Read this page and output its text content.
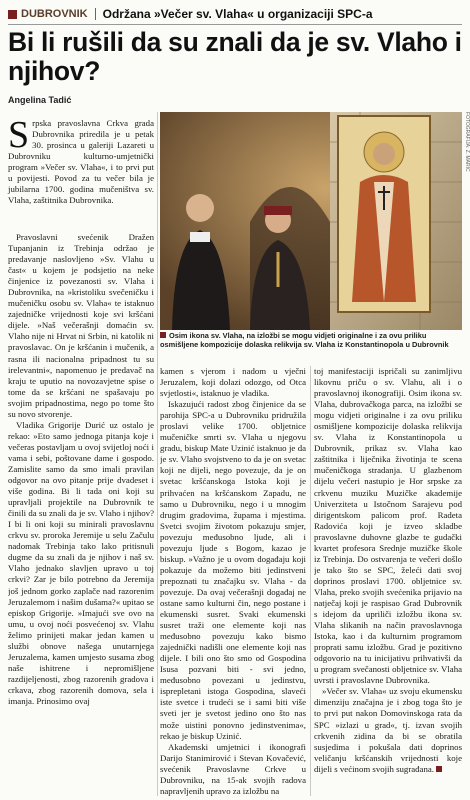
DUBROVNIK Održana »Večer sv. Vlaha« u organizaciji SPC-a
Bi li rušili da su znali da je sv. Vlaho i njihov?
Angelina Tadić
S rpska pravoslavna Crkva grada Dubrovnika priredila je u petak 30. prosinca u galeriji Lazareti u Dubrovniku kulturno-umjetnički program »Večer sv. Vlaha«, i to prvi put u povijesti. Povod za tu večer bila je jubilarna 1700. godina mučeništva sv. Vlaha, zaštitnika Dubrovnika.

Pravoslavni svećenik Dražen Tupanjanin iz Trebinja održao je predavanje naslovljeno »Sv. Vlahu u čast« u kojem je podsjetio na neke činjenice iz povezanosti sv. Vlaha i Dubrovnika, na »kristoliku svečeničku i mučeničku osobu sv. Vlaha« te istaknuo zajedničke vrijednosti koje svi kršćani dijele. »Naš večerašnji domaćin sv. Vlaho nije ni Hrvat ni Srbin, ni katolik ni pravoslavac. On je kršćanin i mučenik, a rasna ili nacionalna pripadnost tu su irelevantni«, napomenuo je predavač na kraju te uputio na novozavjetne spise o tome da se kršćani ne spašavaju po svojim pripadnostima, nego po tome što su novo stvorenje.

Vladika Grigorije Durić uz ostalo je rekao: »Eto samo jednoga pitanja koje i večeras postavljam u ovoj svijetloj noći i vama i sebi, poštovane dame i gospodo. Zamislite samo da smo imali pravilan odgovor na ovo pitanje prije dvadeset i više godina. Bi li tada oni koji su upravljali projektile na Dubrovnik te činili da su znali da je sv. Vlaho i njihov? I bi li oni koji su minirali pravoslavnu crkvu sv. proroka Jeremije u selu Začulu nadomak Trebinja tako lako pritisnuli dugme da su znali da je njihov i naš sv. Vlaho jednako slavljen upravo u toj crkvi? Zar je bilo potrebno da Jeremija još jednom gorko zaplače nad razorenim Jeruzalemom i našim dušama?« upitao se episkop Grigorije. »Imajući sve ovo na umu, u ovoj noći posvećenoj sv. Vlahu želimo prinijeti makar jedan kamen u službi obnove našega unutarnjega Jeruzalema, kamen umjesto susama zbog naše ishitrene i nepromišljene razdijeljenosti, zbog razorenih gradova i crkava, zbog razorenih domova, sela i imanja. Prinosimo ovaj

FOTOGRAFIJA: Z. MARIĆ
Osim ikona sv. Vlaha, na izložbi se mogu vidjeti originalne i za ovu priliku osmišljene kompozicije dolaska relikvija sv. Vlaha iz Konstantinopola u Dubrovnik

kamen s vjerom i nadom u vječni Jeruzalem, koji dolazi odozgo, od Otca svjetlosti«, istaknuo je vladika.

Iskazujući radost zbog činjenice da se parohija SPC-a u Dubrovniku pridružila proslavi velike 1700. obljetnice mučeničke smrti sv. Vlaha u njegovu gradu, biskup Mate Uzinić istaknuo je da je sv. Vlaho svojstveno to da je on svetac koji ne dijeli, nego povezuje, da je on svetac kršćanskoga Istoka koji je prihvaćen na kršćanskom Zapadu, ne samo u Dubrovniku, nego i u mnogim drugim gradovima, župama i mjestima. Svetci svojim životom pokazuju smjer, povezuju međusobno ljude, ali i povezuju ljude s Bogom, kazao je biskup. »Važno je u ovom događaju koji pokazuje da možemo biti jedinstveni prepoznati tu značajku sv. Vlaha - da povezuje. Da ovaj večerašnji događaj ne ostane samo kulturni čin, nego postane i ekumenski susret. Svaki ekumenski susret traži one elemente koji nas međusobno povezuju kako bismo zajednički nadišli one elemente koji nas dijele. I bili ono što smo od Gospodina Isusa pozvani biti - svi jedno, međusobno povezani u jedinstvu, isprepletani istoga Gospodina, slaveći iste svetce i trudeći se i sami biti više sveti jer je svetost jedino ono što nas može uistini ponovno jedinstvenima«, rekao je biskup Uzinić.

Akademski umjetnici i ikonografi Darijo Stanimirović i Stevan Kovačević, svećenik Pravoslavne Crkve u Dubrovniku, na 15-ak svojih radova napravljenih upravo za izložbu na

toj manifestaciji ispričali su zanimljivu likovnu priču o sv. Vlahu, ali i o pravoslavnoj ikonografiji. Osim ikona sv. Vlaha, dubrovačkoga parca, na izložbi se mogu vidjeti originalne i za ovu priliku osmišljene kompozicije dolaska relikvija sv. Vlaha iz Konstantinopola u Dubrovnik, prikaz sv. Vlaha kao zaštitnika i liječnika životinja te scena mučeničkoga stradanja. U glazbenom dijelu večeri nastupio je Hor srpske za crkvenu muziku Muzičke akademije Univerziteta u Istočnom Sarajevu pod dirigentskom palicom prof. Radeta Radovića koji je izveo skladbe pravoslavne duhovne glazbe te gudački kvartet profesora Srednje muzičke škole iz Trebinja. Do ostvarenja te večeri došlo je tako što se SPC, želeći dati svoj doprinos proslavi 1700. obljetnice sv. Vlaha, preko svojih svećenika prijavio na natječaj koji je raspisao Grad Dubrovnik s idejom da upriliči izložbu ikona sv. Vlaha slikanih na način pravoslavnoga Istoka, kao i da kulturnim programom proprati samu izložbu. Grad je pozitivno odgovorio na tu inicijativu prihvativši da u program svečanosti obljetnice sv. Vlaha uvrsti i pravoslavne Dubrovnika.

»Večer sv. Vlaha« uz svoju ekumensku dimenziju značajna je i zbog toga što je to prvi put nakon Domovinskoga rata da SPC »izlazi u grad«, tj. izvan svojih crkvenih zidina da bi se obratila susjedima i pokušala dati doprinos veličanju kršćanskih vrijednosti koje dijeli s većinom svojih sugrađana.
